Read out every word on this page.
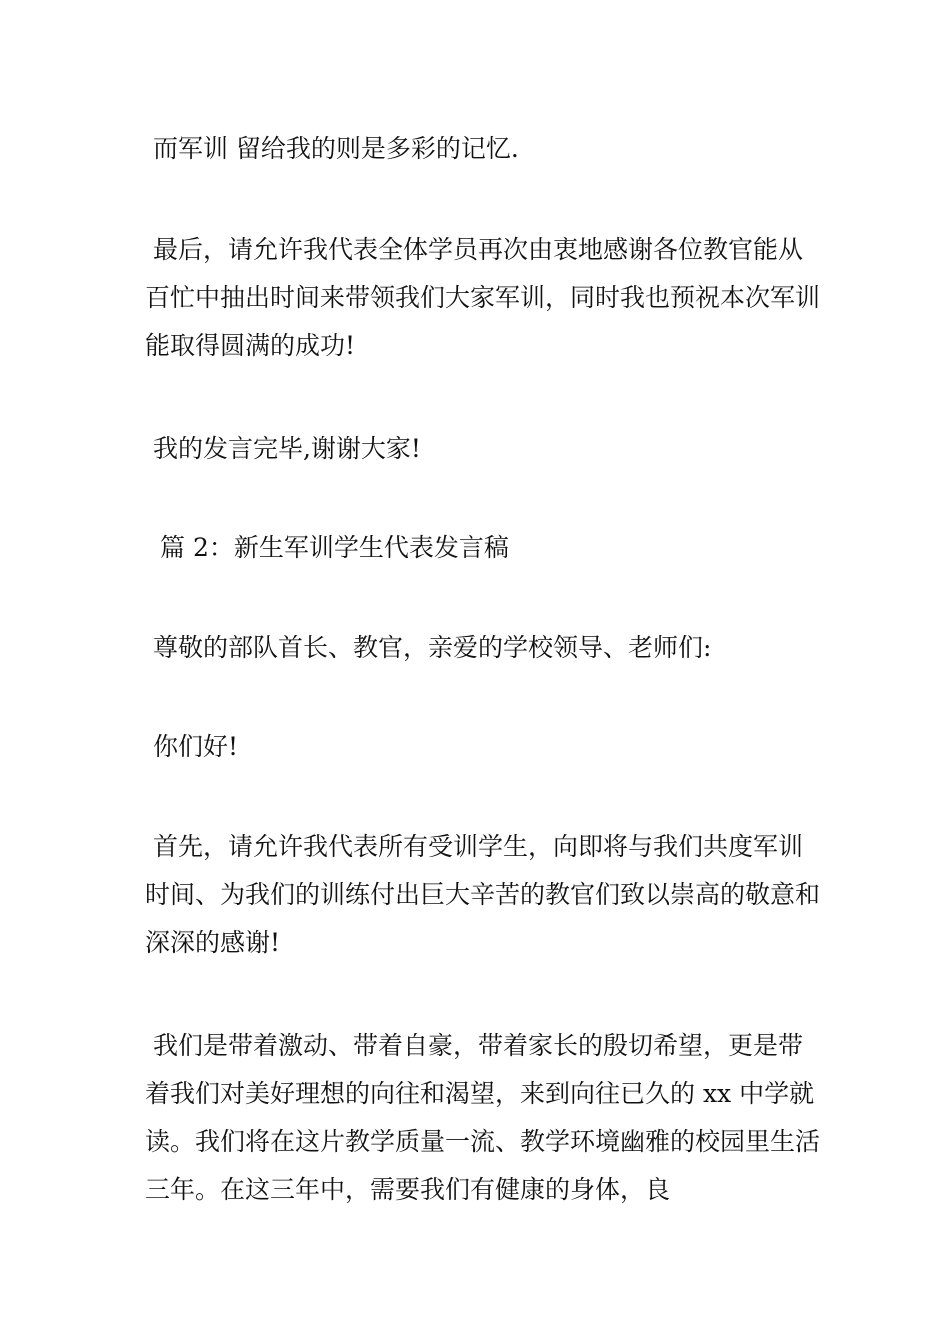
而军训 留给我的则是多彩的记忆.
最后，请允许我代表全体学员再次由衷地感谢各位教官能从百忙中抽出时间来带领我们大家军训，同时我也预祝本次军训能取得圆满的成功!
我的发言完毕,谢谢大家!
篇 2：新生军训学生代表发言稿
尊敬的部队首长、教官，亲爱的学校领导、老师们:
你们好!
首先，请允许我代表所有受训学生，向即将与我们共度军训时间、为我们的训练付出巨大辛苦的教官们致以崇高的敬意和深深的感谢!
我们是带着激动、带着自豪，带着家长的殷切希望，更是带着我们对美好理想的向往和渴望，来到向往已久的 xx 中学就读。我们将在这片教学质量一流、教学环境幽雅的校园里生活三年。在这三年中，需要我们有健康的身体，良
